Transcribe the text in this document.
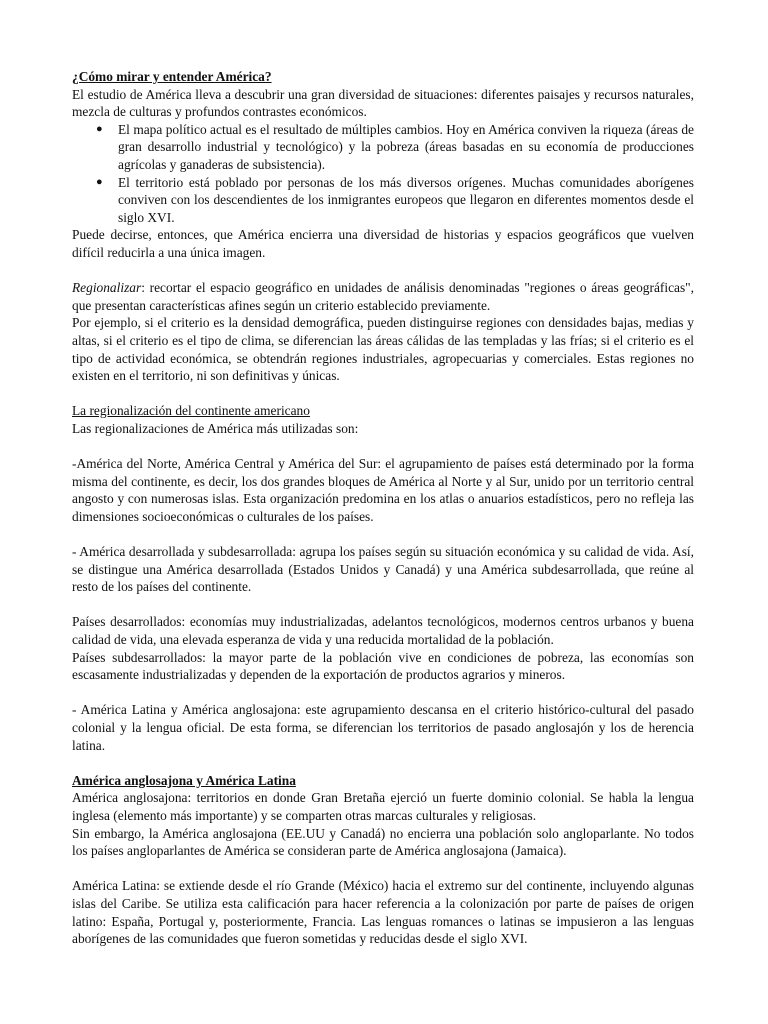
¿Cómo mirar y entender América?

El estudio de América lleva a descubrir una gran diversidad de situaciones: diferentes paisajes y recursos naturales, mezcla de culturas y profundos contrastes económicos.

● El mapa político actual es el resultado de múltiples cambios. Hoy en América conviven la riqueza (áreas de gran desarrollo industrial y tecnológico) y la pobreza (áreas basadas en su economía de producciones agrícolas y ganaderas de subsistencia).
● El territorio está poblado por personas de los más diversos orígenes. Muchas comunidades aborígenes conviven con los descendientes de los inmigrantes europeos que llegaron en diferentes momentos desde el siglo XVI.

Puede decirse, entonces, que América encierra una diversidad de historias y espacios geográficos que vuelven difícil reducirla a una única imagen.

Regionalizar: recortar el espacio geográfico en unidades de análisis denominadas "regiones o áreas geográficas", que presentan características afines según un criterio establecido previamente.

Por ejemplo, si el criterio es la densidad demográfica, pueden distinguirse regiones con densidades bajas, medias y altas, si el criterio es el tipo de clima, se diferencian las áreas cálidas de las templadas y las frías; si el criterio es el tipo de actividad económica, se obtendrán regiones industriales, agropecuarias y comerciales. Estas regiones no existen en el territorio, ni son definitivas y únicas.

La regionalización del continente americano

Las regionalizaciones de América más utilizadas son:

-América del Norte, América Central y América del Sur: el agrupamiento de países está determinado por la forma misma del continente, es decir, los dos grandes bloques de América al Norte y al Sur, unido por un territorio central angosto y con numerosas islas. Esta organización predomina en los atlas o anuarios estadísticos, pero no refleja las dimensiones socioeconómicas o culturales de los países.

- América desarrollada y subdesarrollada: agrupa los países según su situación económica y su calidad de vida. Así, se distingue una América desarrollada (Estados Unidos y Canadá) y una América subdesarrollada, que reúne al resto de los países del continente.

Países desarrollados: economías muy industrializadas, adelantos tecnológicos, modernos centros urbanos y buena calidad de vida, una elevada esperanza de vida y una reducida mortalidad de la población.

Países subdesarrollados: la mayor parte de la población vive en condiciones de pobreza, las economías son escasamente industrializadas y dependen de la exportación de productos agrarios y mineros.

- América Latina y América anglosajona: este agrupamiento descansa en el criterio histórico-cultural del pasado colonial y la lengua oficial. De esta forma, se diferencian los territorios de pasado anglosajón y los de herencia latina.

América anglosajona y América Latina

América anglosajona: territorios en donde Gran Bretaña ejerció un fuerte dominio colonial. Se habla la lengua inglesa (elemento más importante) y se comparten otras marcas culturales y religiosas.

Sin embargo, la América anglosajona (EE.UU y Canadá) no encierra una población solo angloparlante. No todos los países angloparlantes de América se consideran parte de América anglosajona (Jamaica).

América Latina: se extiende desde el río Grande (México) hacia el extremo sur del continente, incluyendo algunas islas del Caribe. Se utiliza esta calificación para hacer referencia a la colonización por parte de países de origen latino: España, Portugal y, posteriormente, Francia. Las lenguas romances o latinas se impusieron a las lenguas aborígenes de las comunidades que fueron sometidas y reducidas desde el siglo XVI.
